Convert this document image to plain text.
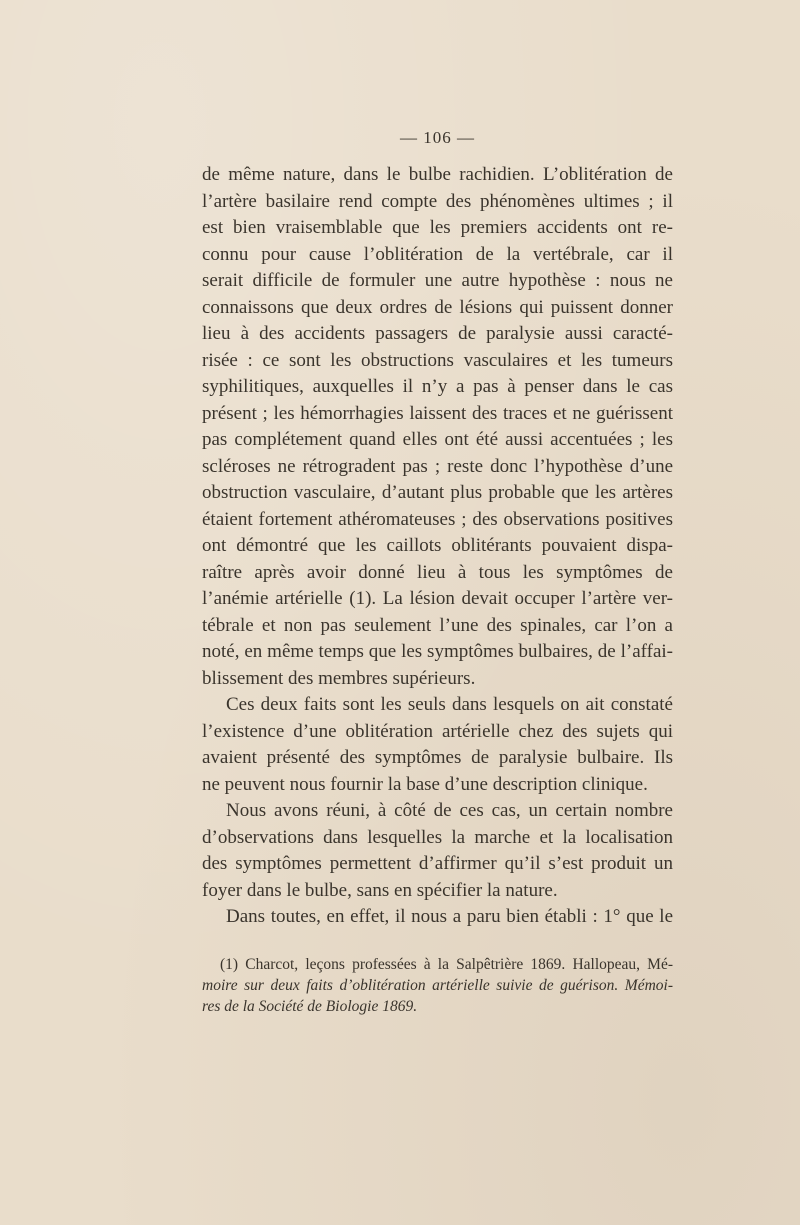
— 106 —
de même nature, dans le bulbe rachidien. L’oblitération de
l’artère basilaire rend compte des phénomènes ultimes ; il
est bien vraisemblable que les premiers accidents ont re-
connu pour cause l’oblitération de la vertébrale, car il
serait difficile de formuler une autre hypothèse : nous ne
connaissons que deux ordres de lésions qui puissent donner
lieu à des accidents passagers de paralysie aussi caracté-
risée : ce sont les obstructions vasculaires et les tumeurs
syphilitiques, auxquelles il n’y a pas à penser dans le cas
présent ; les hémorrhagies laissent des traces et ne guérissent
pas complétement quand elles ont été aussi accentuées ; les
scléroses ne rétrogradent pas ; reste donc l’hypothèse d’une
obstruction vasculaire, d’autant plus probable que les artères
étaient fortement athéromateuses ; des observations positives
ont démontré que les caillots oblitérants pouvaient dispa-
raître après avoir donné lieu à tous les symptômes de
l’anémie artérielle (1). La lésion devait occuper l’artère ver-
tébrale et non pas seulement l’une des spinales, car l’on a
noté, en même temps que les symptômes bulbaires, de l’affai-
blissement des membres supérieurs.
Ces deux faits sont les seuls dans lesquels on ait constaté
l’existence d’une oblitération artérielle chez des sujets qui
avaient présenté des symptômes de paralysie bulbaire. Ils
ne peuvent nous fournir la base d’une description clinique.
Nous avons réuni, à côté de ces cas, un certain nombre
d’observations dans lesquelles la marche et la localisation
des symptômes permettent d’affirmer qu’il s’est produit un
foyer dans le bulbe, sans en spécifier la nature.
Dans toutes, en effet, il nous a paru bien établi : 1° que le
(1) Charcot, leçons professées à la Salpêtrière 1869. Hallopeau, Mé-
moire sur deux faits d’oblitération artérielle suivie de guérison. Mémoi-
res de la Société de Biologie 1869.
